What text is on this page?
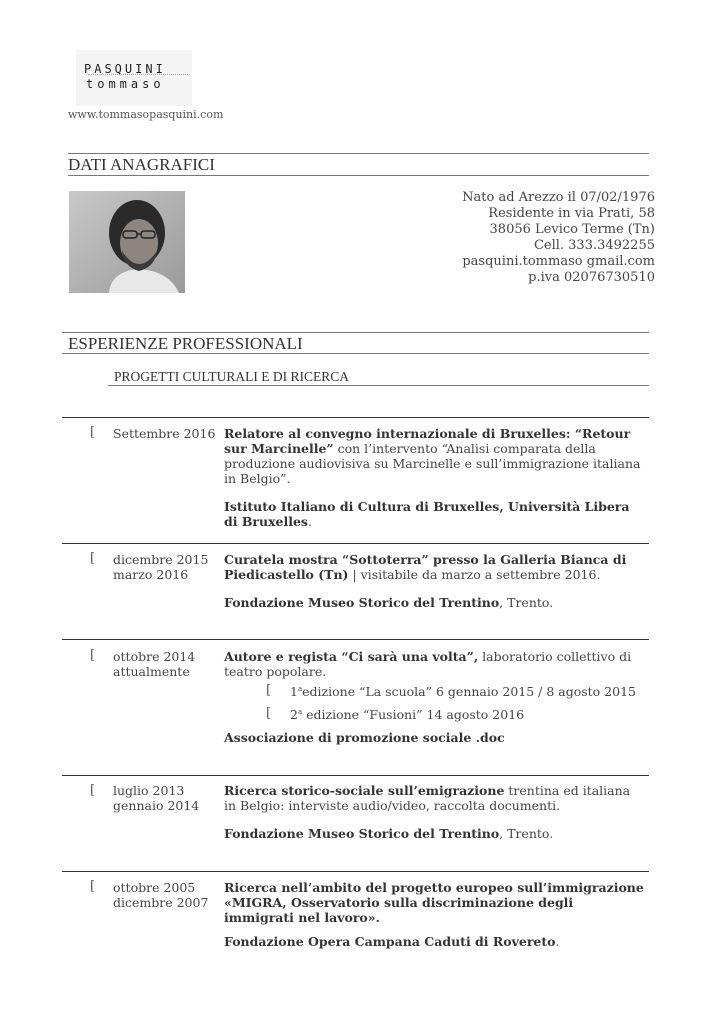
PASQUINI
tommaso
www.tommasopasquini.com
DATI ANAGRAFICI
Nato ad Arezzo il 07/02/1976
Residente in via Prati, 58
38056 Levico Terme (Tn)
Cell. 333.3492255
pasquini.tommaso gmail.com
p.iva 02076730510
ESPERIENZE PROFESSIONALI
PROGETTI CULTURALI E DI RICERCA
[ Settembre 2016 Relatore al convegno internazionale di Bruxelles: “Retour sur Marcinelle” con l’intervento “Analisi comparata della produzione audiovisiva su Marcinelle e sull’immigrazione italiana in Belgio”.
Istituto Italiano di Cultura di Bruxelles, Università Libera di Bruxelles.
[ dicembre 2015
marzo 2016
Curatela mostra “Sottoterra” presso la Galleria Bianca di Piedicastello (Tn) | visitabile da marzo a settembre 2016.
Fondazione Museo Storico del Trentino, Trento.
[ ottobre 2014
attualmente
Autore e regista “Ci sarà una volta”, laboratorio collettivo di teatro popolare.
[ 1$^a$edizione “La scuola” 6 gennaio 2015 / 8 agosto 2015
[ 2$^a$ edizione “Fusioni” 14 agosto 2016
Associazione di promozione sociale .doc
[ luglio 2013
gennaio 2014
Ricerca storico-sociale sull’emigrazione trentina ed italiana in Belgio: interviste audio/video, raccolta documenti.
Fondazione Museo Storico del Trentino, Trento.
[ ottobre 2005
dicembre 2007
Ricerca nell’ambito del progetto europeo sull’immigrazione «MIGRA, Osservatorio sulla discriminazione degli immigrati nel lavoro».
Fondazione Opera Campana Caduti di Rovereto.
